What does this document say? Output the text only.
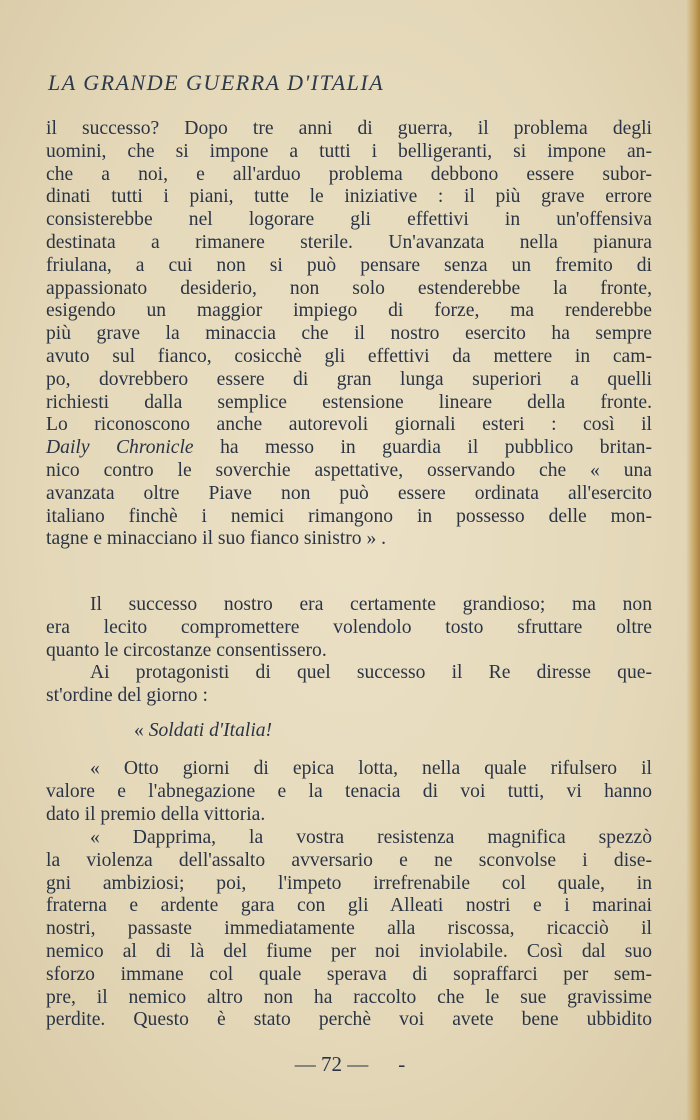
LA GRANDE GUERRA D'ITALIA
il successo? Dopo tre anni di guerra, il problema degli
uomini, che si impone a tutti i belligeranti, si impone an-
che a noi, e all'arduo problema debbono essere subor-
dinati tutti i piani, tutte le iniziative : il più grave errore
consisterebbe nel logorare gli effettivi in un'offensiva
destinata a rimanere sterile. Un'avanzata nella pianura
friulana, a cui non si può pensare senza un fremito di
appassionato desiderio, non solo estenderebbe la fronte,
esigendo un maggior impiego di forze, ma renderebbe
più grave la minaccia che il nostro esercito ha sempre
avuto sul fianco, cosicchè gli effettivi da mettere in cam-
po, dovrebbero essere di gran lunga superiori a quelli
richiesti dalla semplice estensione lineare della fronte.
Lo riconoscono anche autorevoli giornali esteri : così il
Daily Chronicle ha messo in guardia il pubblico britan-
nico contro le soverchie aspettative, osservando che « una
avanzata oltre Piave non può essere ordinata all'esercito
italiano finchè i nemici rimangono in possesso delle mon-
tagne e minacciano il suo fianco sinistro » .
Il successo nostro era certamente grandioso; ma non
era lecito compromettere volendolo tosto sfruttare oltre
quanto le circostanze consentissero.
Ai protagonisti di quel successo il Re diresse que-
st'ordine del giorno :
« Soldati d'Italia!
« Otto giorni di epica lotta, nella quale rifulsero il
valore e l'abnegazione e la tenacia di voi tutti, vi hanno
dato il premio della vittoria.
« Dapprima, la vostra resistenza magnifica spezzò
la violenza dell'assalto avversario e ne sconvolse i dise-
gni ambiziosi; poi, l'impeto irrefrenabile col quale, in
fraterna e ardente gara con gli Alleati nostri e i marinai
nostri, passaste immediatamente alla riscossa, ricacciò il
nemico al di là del fiume per noi inviolabile. Così dal suo
sforzo immane col quale sperava di sopraffarci per sem-
pre, il nemico altro non ha raccolto che le sue gravissime
perdite. Questo è stato perchè voi avete bene ubbidito
— 72 — -
